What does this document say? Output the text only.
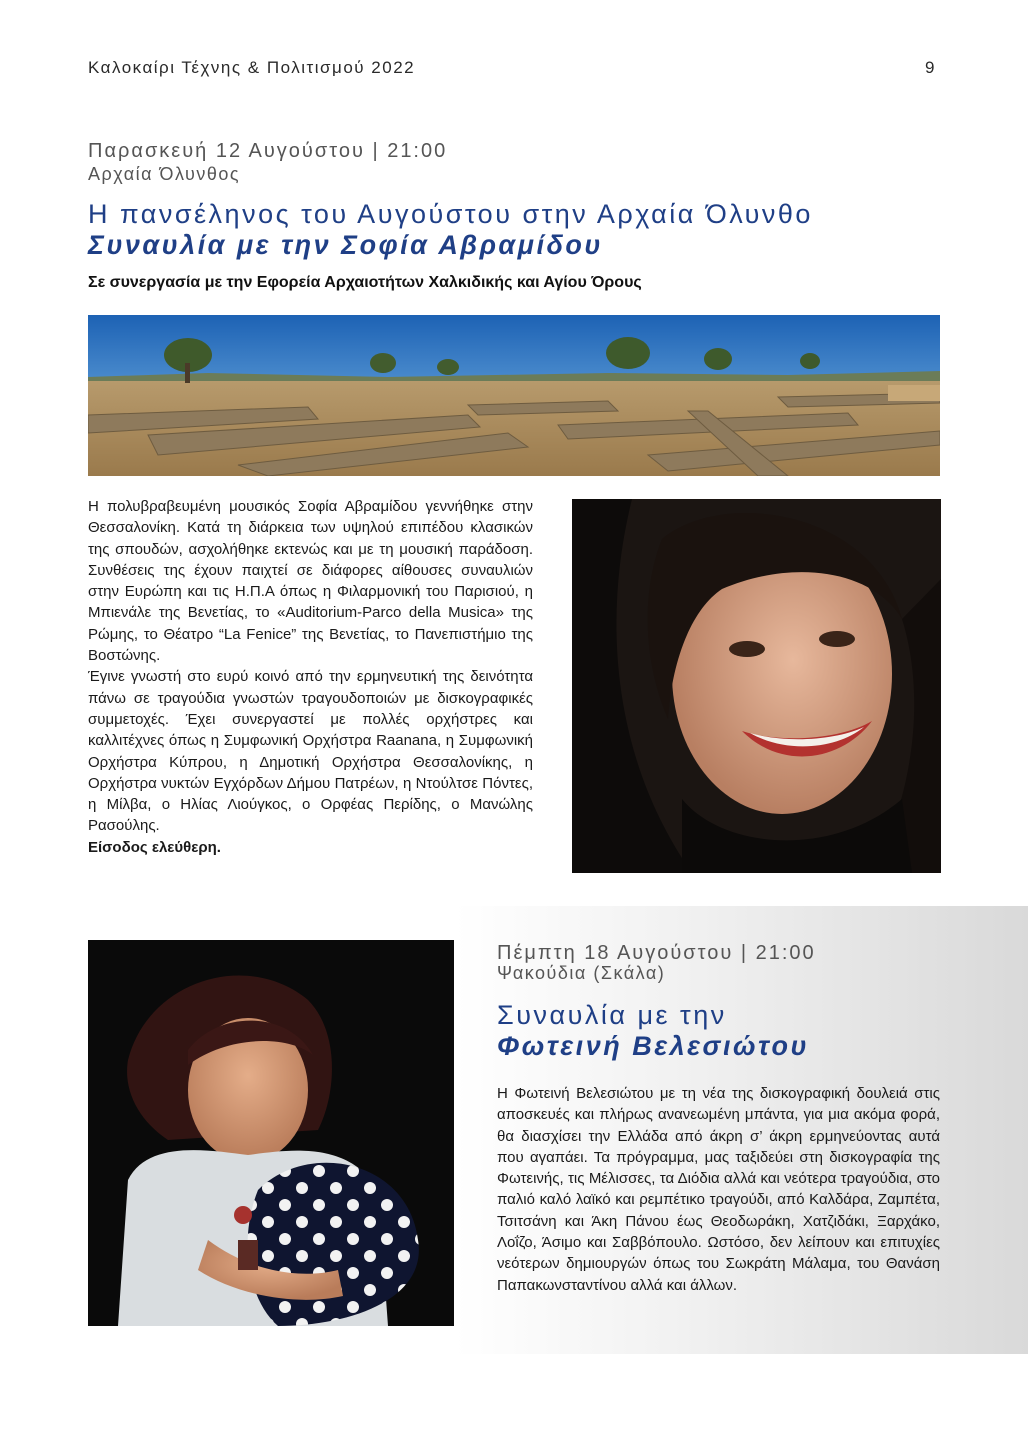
Καλοκαίρι Τέχνης & Πολιτισμού 2022	9
Παρασκευή 12 Αυγούστου | 21:00
Αρχαία Όλυνθος
Η πανσέληνος του Αυγούστου στην Αρχαία Όλυνθο
Συναυλία με την Σοφία Αβραμίδου
Σε συνεργασία με την Εφορεία Αρχαιοτήτων Χαλκιδικής και Αγίου Όρους

Η πολυβραβευμένη μουσικός Σοφία Αβραμίδου γεννήθηκε στην Θεσσαλονίκη. Κατά τη διάρκεια των υψηλού επιπέδου κλασικών της σπουδών, ασχολήθηκε εκτενώς και με τη μουσική παράδοση. Συνθέσεις της έχουν παιχτεί σε διάφορες αίθουσες συναυλιών στην Ευρώπη και τις Η.Π.Α όπως η Φιλαρμονική του Παρισιού, η Μπιενάλε της Βενετίας, το «Auditorium-Parco della Musica» της Ρώμης, το Θέατρο “La Fenice” της Βενετίας, το Πανεπιστήμιο της Βοστώνης.

Έγινε γνωστή στο ευρύ κοινό από την ερμηνευτική της δεινότητα πάνω σε τραγούδια γνωστών τραγουδοποιών με δισκογραφικές συμμετοχές. Έχει συνεργαστεί με πολλές ορχήστρες και καλλιτέχνες όπως η Συμφωνική Ορχήστρα Raanana, η Συμφωνική Ορχήστρα Κύπρου, η Δημοτική Ορχήστρα Θεσσαλονίκης, η Ορχήστρα νυκτών Εγχόρδων Δήμου Πατρέων, η Ντούλτσε Πόντες, η Μίλβα, ο Ηλίας Λιούγκος, ο Ορφέας Περίδης, ο Μανώλης Ρασούλης.

Είσοδος ελεύθερη.

Πέμπτη 18 Αυγούστου | 21:00
Ψακούδια (Σκάλα)
Συναυλία με την
Φωτεινή Βελεσιώτου

Η Φωτεινή Βελεσιώτου με τη νέα της δισκογραφική δουλειά στις αποσκευές και πλήρως ανανεωμένη μπάντα, για μια ακόμα φορά, θα διασχίσει την Ελλάδα από άκρη σ’ άκρη ερμηνεύοντας αυτά που αγαπάει. Τα πρόγραμμα, μας ταξιδεύει στη δισκογραφία της Φωτεινής, τις Μέλισσες, τα Διόδια αλλά και νεότερα τραγούδια, στο παλιό καλό λαϊκό και ρεμπέτικο τραγούδι, από Καλδάρα, Ζαμπέτα, Τσιτσάνη και Άκη Πάνου έως Θεοδωράκη, Χατζιδάκι, Ξαρχάκο, Λοΐζο, Άσιμο και Σαββόπουλο. Ωστόσο, δεν λείπουν και επιτυχίες νεότερων δημιουργών όπως του Σωκράτη Μάλαμα, του Θανάση Παπακωνσταντίνου αλλά και άλλων.
